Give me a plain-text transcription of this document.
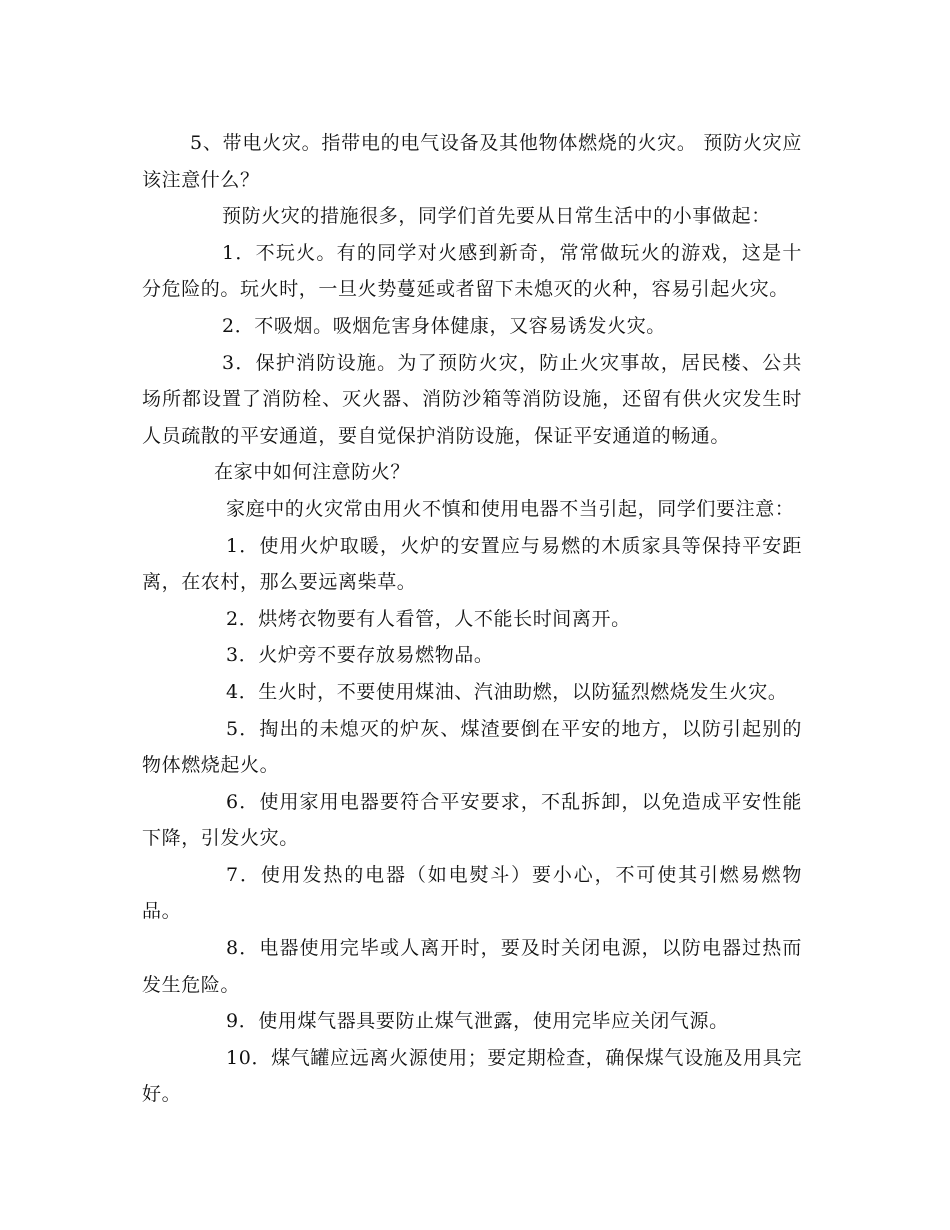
5、带电火灾。指带电的电气设备及其他物体燃烧的火灾。 预防火灾应该注意什么？

预防火灾的措施很多，同学们首先要从日常生活中的小事做起：

1．不玩火。有的同学对火感到新奇，常常做玩火的游戏，这是十分危险的。玩火时，一旦火势蔓延或者留下未熄灭的火种，容易引起火灾。

2．不吸烟。吸烟危害身体健康，又容易诱发火灾。

3．保护消防设施。为了预防火灾，防止火灾事故，居民楼、公共场所都设置了消防栓、灭火器、消防沙箱等消防设施，还留有供火灾发生时人员疏散的平安通道，要自觉保护消防设施，保证平安通道的畅通。

在家中如何注意防火？

家庭中的火灾常由用火不慎和使用电器不当引起，同学们要注意：

1．使用火炉取暖，火炉的安置应与易燃的木质家具等保持平安距离，在农村，那么要远离柴草。

2．烘烤衣物要有人看管，人不能长时间离开。

3．火炉旁不要存放易燃物品。

4．生火时，不要使用煤油、汽油助燃，以防猛烈燃烧发生火灾。

5．掏出的未熄灭的炉灰、煤渣要倒在平安的地方，以防引起别的物体燃烧起火。

6．使用家用电器要符合平安要求，不乱拆卸，以免造成平安性能下降，引发火灾。

7．使用发热的电器（如电熨斗）要小心，不可使其引燃易燃物品。

8．电器使用完毕或人离开时，要及时关闭电源，以防电器过热而发生危险。

9．使用煤气器具要防止煤气泄露，使用完毕应关闭气源。

10．煤气罐应远离火源使用；要定期检查，确保煤气设施及用具完好。
